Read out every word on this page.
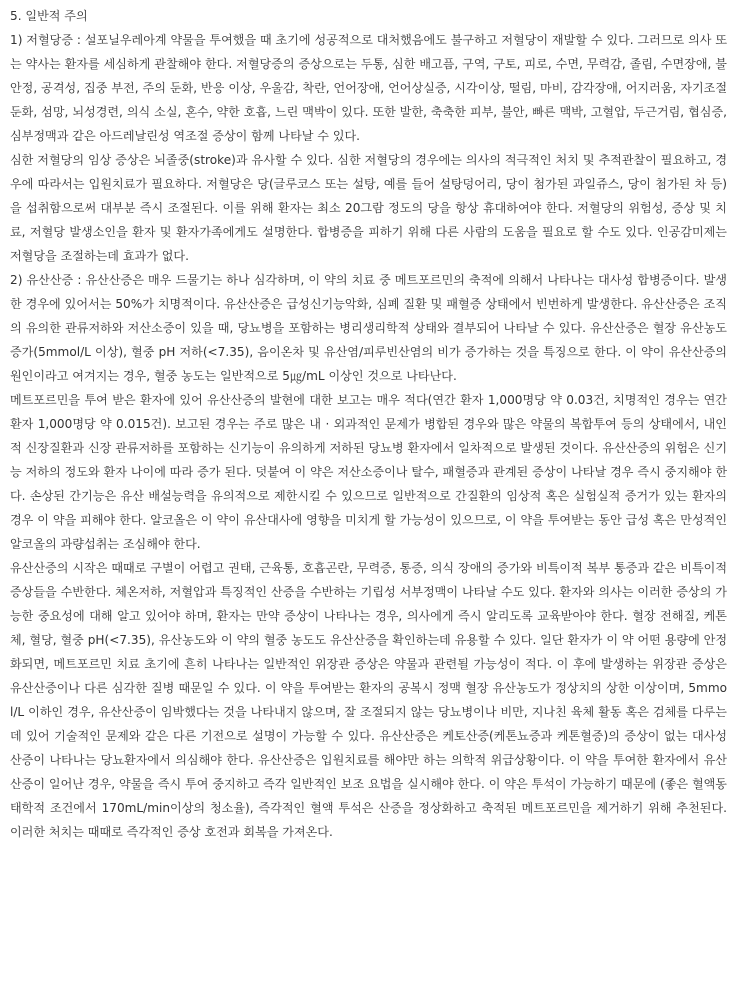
5. 일반적 주의

1) 저혈당증 : 설포닐우레아계 약물을 투여했을 때 초기에 성공적으로 대처했음에도 불구하고 저혈당이 재발할 수 있다. 그러므로 의사 또는 약사는 환자를 세심하게 관찰해야 한다. 저혈당증의 증상으로는 두통, 심한 배고픔, 구역, 구토, 피로, 수면, 무력감, 졸림, 수면장애, 불안정, 공격성, 집중 부전, 주의 둔화, 반응 이상, 우울감, 착란, 언어장애, 언어상실증, 시각이상, 떨림, 마비, 감각장애, 어지러움, 자기조절 둔화, 섬망, 뇌성경련, 의식 소실, 혼수, 약한 호흡, 느린 맥박이 있다. 또한 발한, 축축한 피부, 불안, 빠른 맥박, 고혈압, 두근거림, 협심증, 심부정맥과 같은 아드레날린성 역조절 증상이 함께 나타날 수 있다.

심한 저혈당의 임상 증상은 뇌졸중(stroke)과 유사할 수 있다. 심한 저혈당의 경우에는 의사의 적극적인 처치 및 추적관찰이 필요하고, 경우에 따라서는 입원치료가 필요하다. 저혈당은 당(글루코스 또는 설탕, 예를 들어 설탕덩어리, 당이 첨가된 과일쥬스, 당이 첨가된 차 등)을 섭취함으로써 대부분 즉시 조절된다. 이를 위해 환자는 최소 20그람 정도의 당을 항상 휴대하여야 한다. 저혈당의 위험성, 증상 및 치료, 저혈당 발생소인을 환자 및 환자가족에게도 설명한다. 합병증을 피하기 위해 다른 사람의 도움을 필요로 할 수도 있다. 인공감미제는 저혈당을 조절하는데 효과가 없다.

2) 유산산증 : 유산산증은 매우 드물기는 하나 심각하며, 이 약의 치료 중 메트포르민의 축적에 의해서 나타나는 대사성 합병증이다. 발생한 경우에 있어서는 50%가 치명적이다. 유산산증은 급성신기능악화, 심폐 질환 및 패혈증 상태에서 빈번하게 발생한다. 유산산증은 조직의 유의한 관류저하와 저산소증이 있을 때, 당뇨병을 포함하는 병리생리학적 상태와 결부되어 나타날 수 있다. 유산산증은 혈장 유산농도 증가(5mmol/L 이상), 혈중 pH 저하(<7.35), 음이온차 및 유산염/피루빈산염의 비가 증가하는 것을 특징으로 한다. 이 약이 유산산증의 원인이라고 여겨지는 경우, 혈중 농도는 일반적으로 5㎍/mL 이상인 것으로 나타난다.

메트포르민을 투여 받은 환자에 있어 유산산증의 발현에 대한 보고는 매우 적다(연간 환자 1,000명당 약 0.03건, 치명적인 경우는 연간 환자 1,000명당 약 0.015건). 보고된 경우는 주로 많은 내 · 외과적인 문제가 병합된 경우와 많은 약물의 복합투여 등의 상태에서, 내인적 신장질환과 신장 관류저하를 포함하는 신기능이 유의하게 저하된 당뇨병 환자에서 일차적으로 발생된 것이다. 유산산증의 위험은 신기능 저하의 정도와 환자 나이에 따라 증가 된다. 덧붙여 이 약은 저산소증이나 탈수, 패혈증과 관계된 증상이 나타날 경우 즉시 중지해야 한다. 손상된 간기능은 유산 배설능력을 유의적으로 제한시킬 수 있으므로 일반적으로 간질환의 임상적 혹은 실험실적 증거가 있는 환자의 경우 이 약을 피해야 한다. 알코올은 이 약이 유산대사에 영향을 미치게 할 가능성이 있으므로, 이 약을 투여받는 동안 급성 혹은 만성적인 알코올의 과량섭취는 조심해야 한다.

유산산증의 시작은 때때로 구별이 어렵고 권태, 근육통, 호흡곤란, 무력증, 통증, 의식 장애의 증가와 비특이적 복부 통증과 같은 비특이적 증상들을 수반한다. 체온저하, 저혈압과 특징적인 산증을 수반하는 기립성 서부정맥이 나타날 수도 있다. 환자와 의사는 이러한 증상의 가능한 중요성에 대해 알고 있어야 하며, 환자는 만약 증상이 나타나는 경우, 의사에게 즉시 알리도록 교육받아야 한다. 혈장 전해질, 케톤체, 혈당, 혈중 pH(<7.35), 유산농도와 이 약의 혈중 농도도 유산산증을 확인하는데 유용할 수 있다. 일단 환자가 이 약 어떤 용량에 안정화되면, 메트포르민 치료 초기에 흔히 나타나는 일반적인 위장관 증상은 약물과 관련될 가능성이 적다. 이 후에 발생하는 위장관 증상은 유산산증이나 다른 심각한 질병 때문일 수 있다. 이 약을 투여받는 환자의 공복시 정맥 혈장 유산농도가 정상치의 상한 이상이며, 5mmol/L 이하인 경우, 유산산증이 임박했다는 것을 나타내지 않으며, 잘 조절되지 않는 당뇨병이나 비만, 지나친 육체 활동 혹은 검체를 다루는데 있어 기술적인 문제와 같은 다른 기전으로 설명이 가능할 수 있다. 유산산증은 케토산증(케톤뇨증과 케톤혈증)의 증상이 없는 대사성 산증이 나타나는 당뇨환자에서 의심해야 한다. 유산산증은 입원치료를 해야만 하는 의학적 위급상황이다. 이 약을 투여한 환자에서 유산산증이 일어난 경우, 약물을 즉시 투여 중지하고 즉각 일반적인 보조 요법을 실시해야 한다. 이 약은 투석이 가능하기 때문에 (좋은 혈액동태학적 조건에서 170mL/min이상의 청소율), 즉각적인 혈액 투석은 산증을 정상화하고 축적된 메트포르민을 제거하기 위해 추천된다. 이러한 처치는 때때로 즉각적인 증상 호전과 회복을 가져온다.
